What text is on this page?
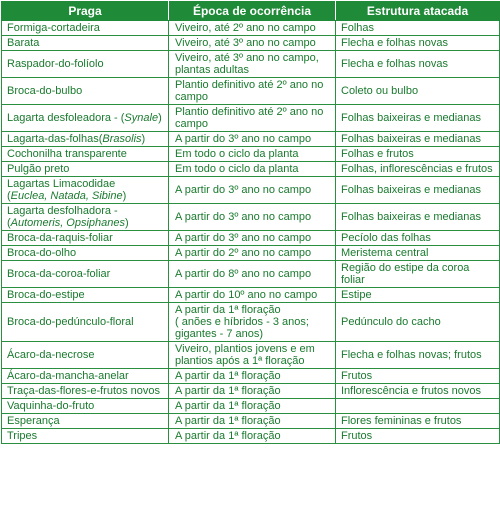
Praga	Época de ocorrência	Estrutura atacada
Formiga-cortadeira	Viveiro, até 2º ano no campo	Folhas
Barata	Viveiro, até 3º ano no campo	Flecha e folhas novas
Raspador-do-folíolo	Viveiro, até 3º ano no campo, plantas adultas	Flecha e folhas novas
Broca-do-bulbo	Plantio definitivo até 2º ano no campo	Coleto ou bulbo
Lagarta desfoleadora - (Synale)	Plantio definitivo até 2º ano no campo	Folhas baixeiras e medianas
Lagarta-das-folhas(Brasolis)	A partir do 3º ano no campo	Folhas baixeiras e medianas
Cochonilha transparente	Em todo o ciclo da planta	Folhas e frutos
Pulgão preto	Em todo o ciclo da planta	Folhas, inflorescências e frutos
Lagartas Limacodidae
(Euclea, Natada, Sibine)	A partir do 3º ano no campo	Folhas baixeiras e medianas
Lagarta desfolhadora -
(Automeris, Opsiphanes)	A partir do 3º ano no campo	Folhas baixeiras e medianas
Broca-da-raquis-foliar	A partir do 3º ano no campo	Pecíolo das folhas
Broca-do-olho	A partir do 2º ano no campo	Meristema central
Broca-da-coroa-foliar	A partir do 8º ano no campo	Região do estipe da coroa foliar
Broca-do-estipe	A partir do 10º ano no campo	Estipe
Broca-do-pedúnculo-floral	A partir da 1ª floração
( anões e híbridos - 3 anos;
gigantes - 7 anos)	Pedúnculo do cacho
Ácaro-da-necrose	Viveiro, plantios jovens e em plantios após a 1ª floração	Flecha e folhas novas; frutos
Ácaro-da-mancha-anelar	A partir da 1ª floração	Frutos
Traça-das-flores-e-frutos novos	A partir da 1ª floração	Inflorescência e frutos novos
Vaquinha-do-fruto	A partir da 1ª floração	
Esperança	A partir da 1ª floração	Flores femininas e frutos
Tripes	A partir da 1ª floração	Frutos
